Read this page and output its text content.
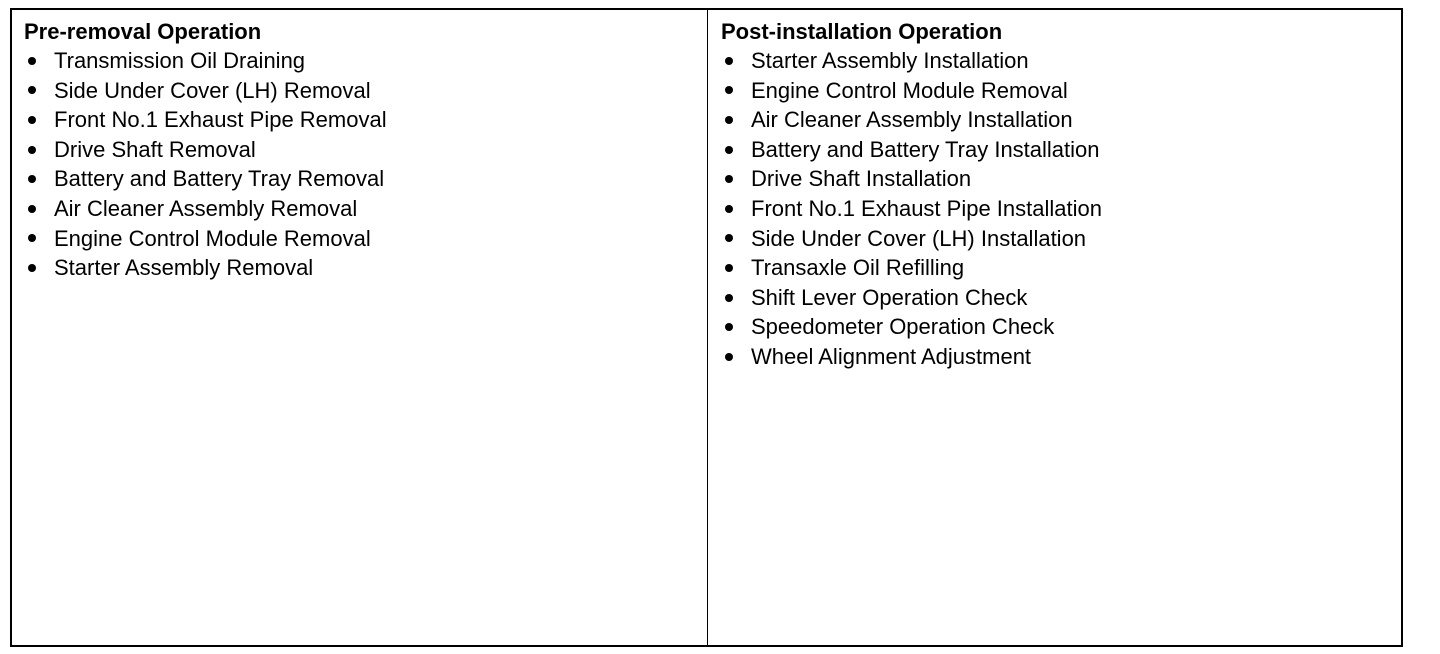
Pre-removal Operation
Transmission Oil Draining
Side Under Cover (LH) Removal
Front No.1 Exhaust Pipe Removal
Drive Shaft Removal
Battery and Battery Tray Removal
Air Cleaner Assembly Removal
Engine Control Module Removal
Starter Assembly Removal
Post-installation Operation
Starter Assembly Installation
Engine Control Module Removal
Air Cleaner Assembly Installation
Battery and Battery Tray Installation
Drive Shaft Installation
Front No.1 Exhaust Pipe Installation
Side Under Cover (LH) Installation
Transaxle Oil Refilling
Shift Lever Operation Check
Speedometer Operation Check
Wheel Alignment Adjustment
